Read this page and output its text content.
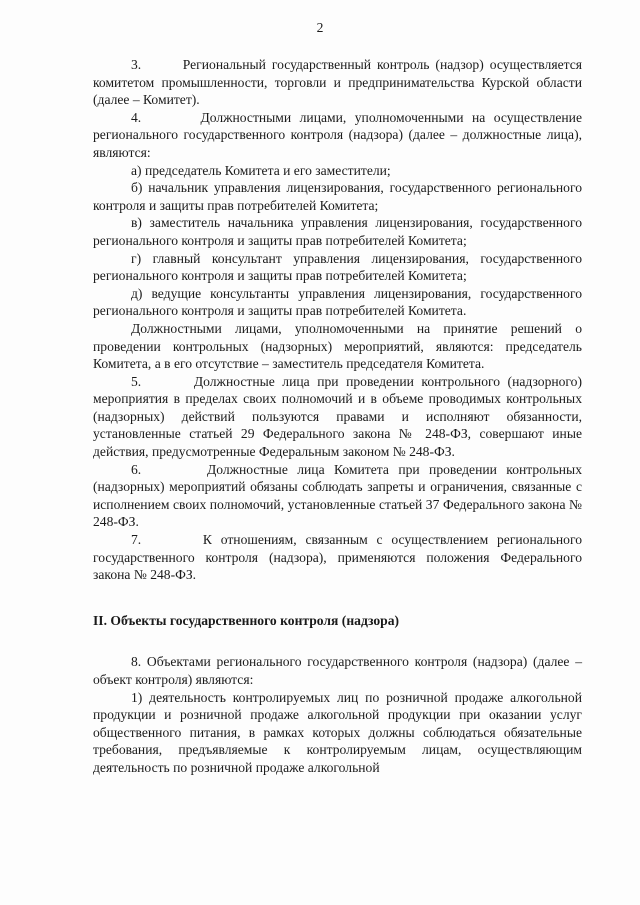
2

3.       Региональный государственный контроль (надзор) осуществляется комитетом промышленности, торговли и предпринимательства Курской области (далее – Комитет).

4.       Должностными лицами, уполномоченными на осуществление регионального государственного контроля (надзора) (далее – должностные лица), являются:

а) председатель Комитета и его заместители;

б) начальник управления лицензирования, государственного регионального контроля и защиты прав потребителей Комитета;

в) заместитель начальника управления лицензирования, государственного регионального контроля и защиты прав потребителей Комитета;

г) главный консультант управления лицензирования, государственного регионального контроля и защиты прав потребителей Комитета;

д) ведущие консультанты управления лицензирования, государственного регионального контроля и защиты прав потребителей Комитета.

Должностными лицами, уполномоченными на принятие решений о проведении контрольных (надзорных) мероприятий, являются: председатель Комитета, а в его отсутствие – заместитель председателя Комитета.

5.       Должностные лица при проведении контрольного (надзорного) мероприятия в пределах своих полномочий и в объеме проводимых контрольных (надзорных) действий пользуются правами и исполняют обязанности, установленные статьей 29 Федерального закона № 248-ФЗ, совершают иные действия, предусмотренные Федеральным законом № 248-ФЗ.

6.       Должностные лица Комитета при проведении контрольных (надзорных) мероприятий обязаны соблюдать запреты и ограничения, связанные с исполнением своих полномочий, установленные статьей 37 Федерального закона № 248-ФЗ.

7.       К отношениям, связанным с осуществлением регионального государственного контроля (надзора), применяются положения Федерального закона № 248-ФЗ.

II. Объекты государственного контроля (надзора)

8. Объектами регионального государственного контроля (надзора) (далее – объект контроля) являются:

1) деятельность контролируемых лиц по розничной продаже алкогольной продукции и розничной продаже алкогольной продукции при оказании услуг общественного питания, в рамках которых должны соблюдаться обязательные требования, предъявляемые к контролируемым лицам, осуществляющим деятельность по розничной продаже алкогольной
